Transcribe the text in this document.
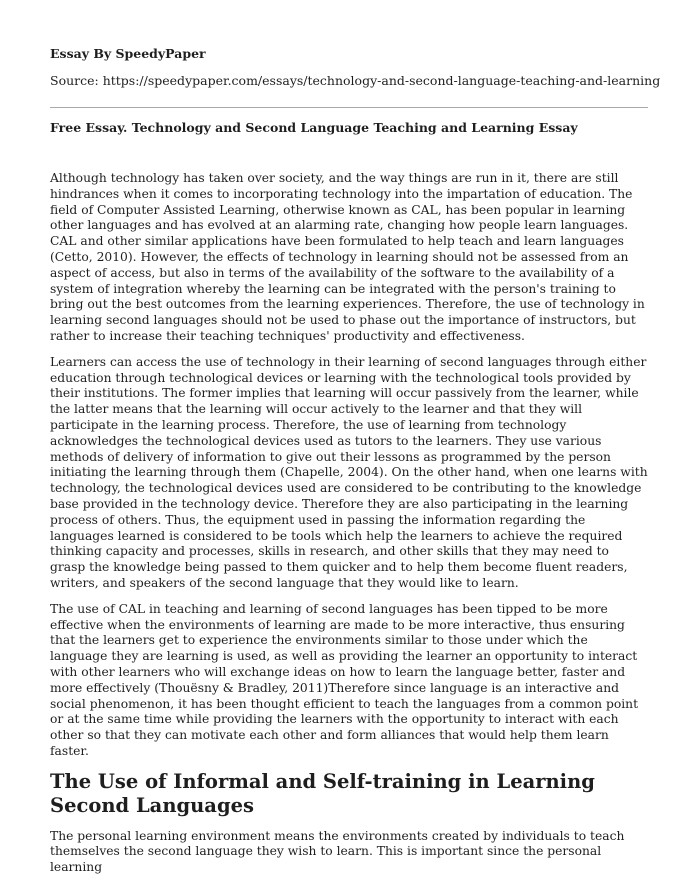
Essay By SpeedyPaper

Source: https://speedypaper.com/essays/technology-and-second-language-teaching-and-learning

Free Essay. Technology and Second Language Teaching and Learning Essay

Although technology has taken over society, and the way things are run in it, there are still hindrances when it comes to incorporating technology into the impartation of education. The field of Computer Assisted Learning, otherwise known as CAL, has been popular in learning other languages and has evolved at an alarming rate, changing how people learn languages. CAL and other similar applications have been formulated to help teach and learn languages (Cetto, 2010). However, the effects of technology in learning should not be assessed from an aspect of access, but also in terms of the availability of the software to the availability of a system of integration whereby the learning can be integrated with the person's training to bring out the best outcomes from the learning experiences. Therefore, the use of technology in learning second languages should not be used to phase out the importance of instructors, but rather to increase their teaching techniques' productivity and effectiveness.

Learners can access the use of technology in their learning of second languages through either education through technological devices or learning with the technological tools provided by their institutions. The former implies that learning will occur passively from the learner, while the latter means that the learning will occur actively to the learner and that they will participate in the learning process. Therefore, the use of learning from technology acknowledges the technological devices used as tutors to the learners. They use various methods of delivery of information to give out their lessons as programmed by the person initiating the learning through them (Chapelle, 2004). On the other hand, when one learns with technology, the technological devices used are considered to be contributing to the knowledge base provided in the technology device. Therefore they are also participating in the learning process of others. Thus, the equipment used in passing the information regarding the languages learned is considered to be tools which help the learners to achieve the required thinking capacity and processes, skills in research, and other skills that they may need to grasp the knowledge being passed to them quicker and to help them become fluent readers, writers, and speakers of the second language that they would like to learn.

The use of CAL in teaching and learning of second languages has been tipped to be more effective when the environments of learning are made to be more interactive, thus ensuring that the learners get to experience the environments similar to those under which the language they are learning is used, as well as providing the learner an opportunity to interact with other learners who will exchange ideas on how to learn the language better, faster and more effectively (Thouësny & Bradley, 2011)Therefore since language is an interactive and social phenomenon, it has been thought efficient to teach the languages from a common point or at the same time while providing the learners with the opportunity to interact with each other so that they can motivate each other and form alliances that would help them learn faster.

The Use of Informal and Self-training in Learning Second Languages

The personal learning environment means the environments created by individuals to teach themselves the second language they wish to learn. This is important since the personal learning
